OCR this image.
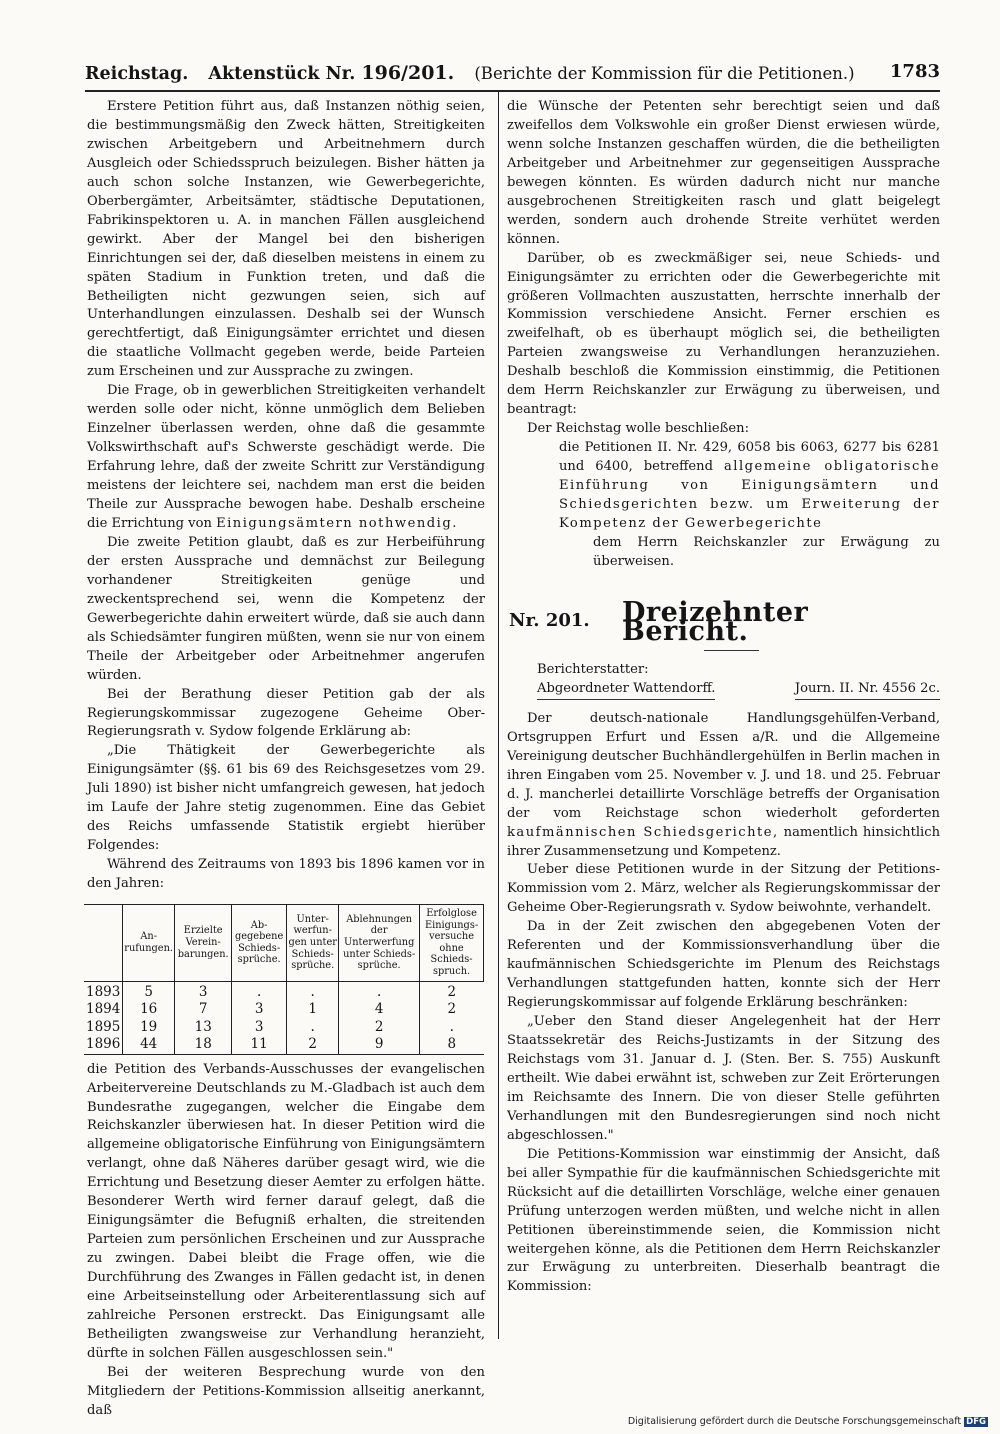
Reichstag. Aktenstück Nr. 196/201. (Berichte der Kommission für die Petitionen.) 1783

Erstere Petition führt aus, daß Instanzen nöthig seien, die bestimmungsmäßig den Zweck hätten, Streitigkeiten zwischen Arbeitgebern und Arbeitnehmern durch Ausgleich oder Schiedsspruch beizulegen. Bisher hätten ja auch schon solche Instanzen, wie Gewerbegerichte, Oberbergämter, Arbeitsämter, städtische Deputationen, Fabrikinspektoren u. A. in manchen Fällen ausgleichend gewirkt. Aber der Mangel bei den bisherigen Einrichtungen sei der, daß dieselben meistens in einem zu späten Stadium in Funktion treten, und daß die Betheiligten nicht gezwungen seien, sich auf Unterhandlungen einzulassen. Deshalb sei der Wunsch gerechtfertigt, daß Einigungsämter errichtet und diesen die staatliche Vollmacht gegeben werde, beide Parteien zum Erscheinen und zur Aussprache zu zwingen.

Die Frage, ob in gewerblichen Streitigkeiten verhandelt werden solle oder nicht, könne unmöglich dem Belieben Einzelner überlassen werden, ohne daß die gesammte Volkswirthschaft auf's Schwerste geschädigt werde. Die Erfahrung lehre, daß der zweite Schritt zur Verständigung meistens der leichtere sei, nachdem man erst die beiden Theile zur Aussprache bewogen habe. Deshalb erscheine die Errichtung von Einigungsämtern nothwendig.

Die zweite Petition glaubt, daß es zur Herbeiführung der ersten Aussprache und demnächst zur Beilegung vorhandener Streitigkeiten genüge und zweckentsprechend sei, wenn die Kompetenz der Gewerbegerichte dahin erweitert würde, daß sie auch dann als Schiedsämter fungiren müßten, wenn sie nur von einem Theile der Arbeitgeber oder Arbeitnehmer angerufen würden.

Bei der Berathung dieser Petition gab der als Regierungskommissar zugezogene Geheime Ober-Regierungsrath v. Sydow folgende Erklärung ab:

„Die Thätigkeit der Gewerbegerichte als Einigungsämter (§§. 61 bis 69 des Reichsgesetzes vom 29. Juli 1890) ist bisher nicht umfangreich gewesen, hat jedoch im Laufe der Jahre stetig zugenommen. Eine das Gebiet des Reichs umfassende Statistik ergiebt hierüber Folgendes:

Während des Zeitraums von 1893 bis 1896 kamen vor in den Jahren:

	An-rufungen.	Erzielte Verein-barungen.	Ab-gegebene Schieds-sprüche.	Unter-werfun-gen unter Schieds-sprüche.	Ablehnungen der Unterwerfung unter Schieds-sprüche.	Erfolglose Einigungs-versuche ohne Schieds-spruch.
1893	5	3	.	.	.	2
1894	16	7	3	1	4	2
1895	19	13	3	.	2	.
1896	44	18	11	2	9	8

die Petition des Verbands-Ausschusses der evangelischen Arbeitervereine Deutschlands zu M.-Gladbach ist auch dem Bundesrathe zugegangen, welcher die Eingabe dem Reichskanzler überwiesen hat. In dieser Petition wird die allgemeine obligatorische Einführung von Einigungsämtern verlangt, ohne daß Näheres darüber gesagt wird, wie die Errichtung und Besetzung dieser Aemter zu erfolgen hätte. Besonderer Werth wird ferner darauf gelegt, daß die Einigungsämter die Befugniß erhalten, die streitenden Parteien zum persönlichen Erscheinen und zur Aussprache zu zwingen. Dabei bleibt die Frage offen, wie die Durchführung des Zwanges in Fällen gedacht ist, in denen eine Arbeitseinstellung oder Arbeiterentlassung sich auf zahlreiche Personen erstreckt. Das Einigungsamt alle Betheiligten zwangsweise zur Verhandlung heranzieht, dürfte in solchen Fällen ausgeschlossen sein."

Bei der weiteren Besprechung wurde von den Mitgliedern der Petitions-Kommission allseitig anerkannt, daß

die Wünsche der Petenten sehr berechtigt seien und daß zweifellos dem Volkswohle ein großer Dienst erwiesen würde, wenn solche Instanzen geschaffen würden, die die betheiligten Arbeitgeber und Arbeitnehmer zur gegenseitigen Aussprache bewegen könnten. Es würden dadurch nicht nur manche ausgebrochenen Streitigkeiten rasch und glatt beigelegt werden, sondern auch drohende Streite verhütet werden können.

Darüber, ob es zweckmäßiger sei, neue Schieds- und Einigungsämter zu errichten oder die Gewerbegerichte mit größeren Vollmachten auszustatten, herrschte innerhalb der Kommission verschiedene Ansicht. Ferner erschien es zweifelhaft, ob es überhaupt möglich sei, die betheiligten Parteien zwangsweise zu Verhandlungen heranzuziehen. Deshalb beschloß die Kommission einstimmig, die Petitionen dem Herrn Reichskanzler zur Erwägung zu überweisen, und beantragt:

Der Reichstag wolle beschließen:

die Petitionen II. Nr. 429, 6058 bis 6063, 6277 bis 6281 und 6400, betreffend allgemeine obligatorische Einführung von Einigungsämtern und Schiedsgerichten bezw. um Erweiterung der Kompetenz der Gewerbegerichte

dem Herrn Reichskanzler zur Erwägung zu überweisen.

Nr. 201. Dreizehnter Bericht.
Berichterstatter:
Abgeordneter Wattendorff.	Journ. II. Nr. 4556 2c.

Der deutsch-nationale Handlungsgehülfen-Verband, Ortsgruppen Erfurt und Essen a/R. und die Allgemeine Vereinigung deutscher Buchhändlergehülfen in Berlin machen in ihren Eingaben vom 25. November v. J. und 18. und 25. Februar d. J. mancherlei detaillirte Vorschläge betreffs der Organisation der vom Reichstage schon wiederholt geforderten kaufmännischen Schiedsgerichte, namentlich hinsichtlich ihrer Zusammensetzung und Kompetenz.

Ueber diese Petitionen wurde in der Sitzung der Petitions-Kommission vom 2. März, welcher als Regierungskommissar der Geheime Ober-Regierungsrath v. Sydow beiwohnte, verhandelt.

Da in der Zeit zwischen den abgegebenen Voten der Referenten und der Kommissionsverhandlung über die kaufmännischen Schiedsgerichte im Plenum des Reichstags Verhandlungen stattgefunden hatten, konnte sich der Herr Regierungskommissar auf folgende Erklärung beschränken:

„Ueber den Stand dieser Angelegenheit hat der Herr Staatssekretär des Reichs-Justizamts in der Sitzung des Reichstags vom 31. Januar d. J. (Sten. Ber. S. 755) Auskunft ertheilt. Wie dabei erwähnt ist, schweben zur Zeit Erörterungen im Reichsamte des Innern. Die von dieser Stelle geführten Verhandlungen mit den Bundesregierungen sind noch nicht abgeschlossen."

Die Petitions-Kommission war einstimmig der Ansicht, daß bei aller Sympathie für die kaufmännischen Schiedsgerichte mit Rücksicht auf die detaillirten Vorschläge, welche einer genauen Prüfung unterzogen werden müßten, und welche nicht in allen Petitionen übereinstimmende seien, die Kommission nicht weitergehen könne, als die Petitionen dem Herrn Reichskanzler zur Erwägung zu unterbreiten. Dieserhalb beantragt die Kommission:

Digitalisierung gefördert durch die Deutsche Forschungsgemeinschaft DFG
